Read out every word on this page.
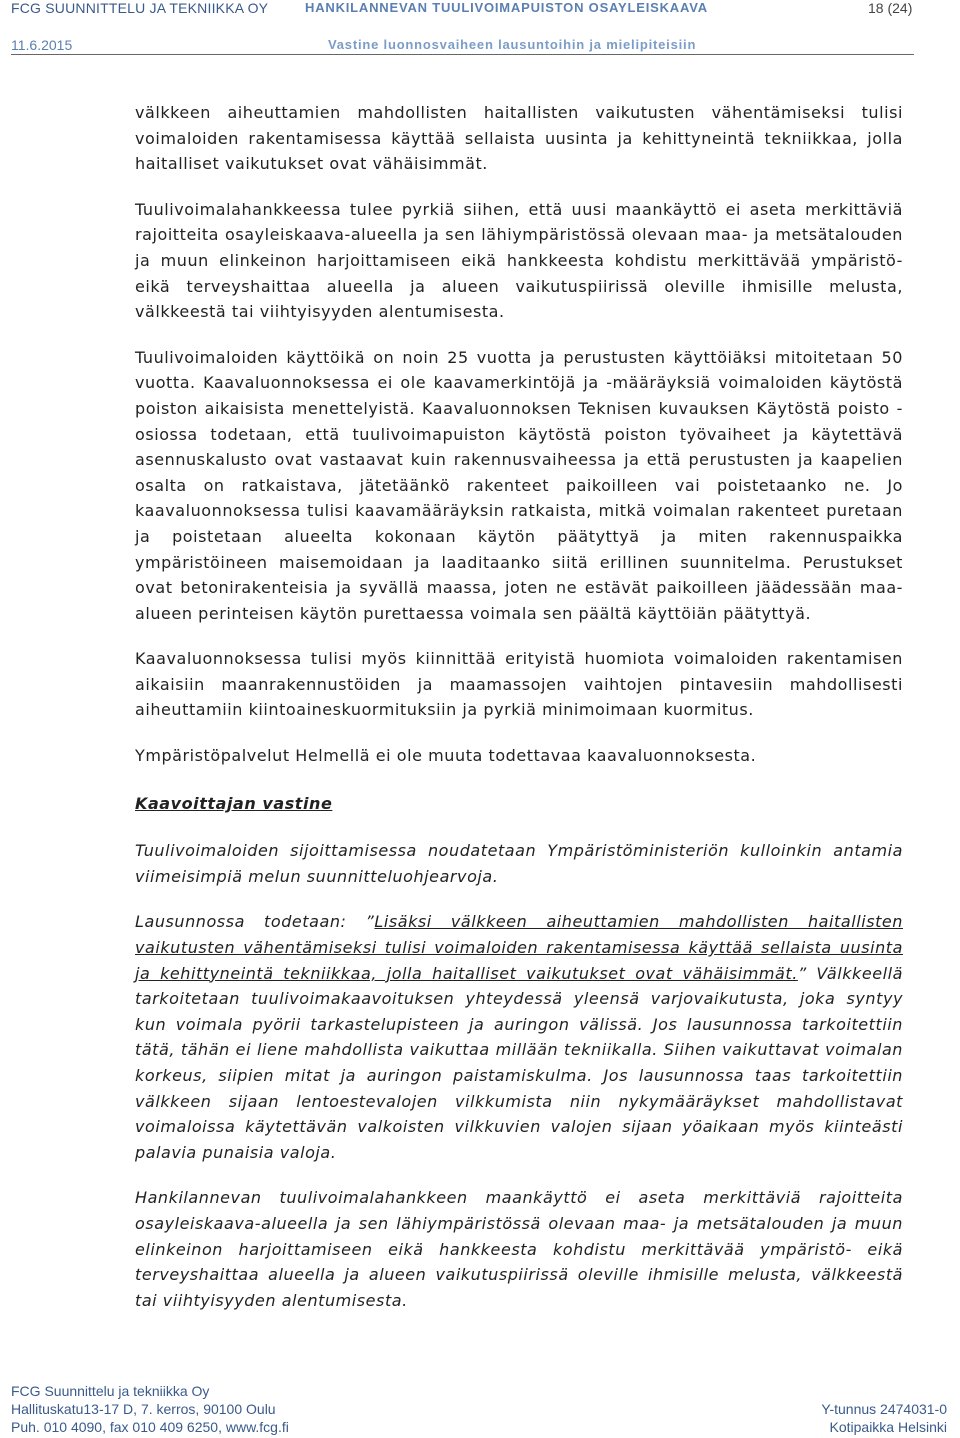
FCG SUUNNITTELU JA TEKNIIKKA OY	HANKILANNEVAN TUULIVOIMAPUISTON OSAYLEISKAAVA	18 (24)
11.6.2015	Vastine luonnosvaiheen lausuntoihin ja mielipiteisiin

välkkeen aiheuttamien mahdollisten haitallisten vaikutusten vähentämiseksi tulisi voimaloiden rakentamisessa käyttää sellaista uusinta ja kehittyneintä tekniikkaa, jolla haitalliset vaikutukset ovat vähäisimmät.

Tuulivoimalahankkeessa tulee pyrkiä siihen, että uusi maankäyttö ei aseta merkittäviä rajoitteita osayleiskaava-alueella ja sen lähiympäristössä olevaan maa- ja metsätalouden ja muun elinkeinon harjoittamiseen eikä hankkeesta kohdistu merkittävää ympäristö- eikä terveyshaittaa alueella ja alueen vaikutuspiirissä oleville ihmisille melusta, välkkeestä tai viihtyisyyden alentumisesta.

Tuulivoimaloiden käyttöikä on noin 25 vuotta ja perustusten käyttöiäksi mitoitetaan 50 vuotta. Kaavaluonnoksessa ei ole kaavamerkintöjä ja -määräyksiä voimaloiden käytöstä poiston aikaisista menettelyistä. Kaavaluonnoksen Teknisen kuvauksen Käytöstä poisto -osiossa todetaan, että tuulivoimapuiston käytöstä poiston työvaiheet ja käytettävä asennuskalusto ovat vastaavat kuin rakennusvaiheessa ja että perustusten ja kaapelien osalta on ratkaistava, jätetäänkö rakenteet paikoilleen vai poistetaanko ne. Jo kaavaluonnoksessa tulisi kaavamääräyksin ratkaista, mitkä voimalan rakenteet puretaan ja poistetaan alueelta kokonaan käytön päätyttyä ja miten rakennuspaikka ympäristöineen maisemoidaan ja laaditaanko siitä erillinen suunnitelma. Perustukset ovat betonirakenteisia ja syvällä maassa, joten ne estävät paikoilleen jäädessään maa-alueen perinteisen käytön purettaessa voimala sen päältä käyttöiän päätyttyä.

Kaavaluonnoksessa tulisi myös kiinnittää erityistä huomiota voimaloiden rakentamisen aikaisiin maanrakennustöiden ja maamassojen vaihtojen pintavesiin mahdollisesti aiheuttamiin kiintoaineskuormituksiin ja pyrkiä minimoimaan kuormitus.

Ympäristöpalvelut Helmellä ei ole muuta todettavaa kaavaluonnoksesta.

Kaavoittajan vastine

Tuulivoimaloiden sijoittamisessa noudatetaan Ympäristöministeriön kulloinkin antamia viimeisimpiä melun suunnitteluohjearvoja.

Lausunnossa todetaan: ”Lisäksi välkkeen aiheuttamien mahdollisten haitallisten vaikutusten vähentämiseksi tulisi voimaloiden rakentamisessa käyttää sellaista uusinta ja kehittyneintä tekniikkaa, jolla haitalliset vaikutukset ovat vähäisimmät.” Välkkeellä tarkoitetaan tuulivoimakaavoituksen yhteydessä yleensä varjovaikutusta, joka syntyy kun voimala pyörii tarkastelupisteen ja auringon välissä. Jos lausunnossa tarkoitettiin tätä, tähän ei liene mahdollista vaikuttaa millään tekniikalla. Siihen vaikuttavat voimalan korkeus, siipien mitat ja auringon paistamiskulma. Jos lausunnossa taas tarkoitettiin välkkeen sijaan lentoestevalojen vilkkumista niin nykymääräykset mahdollistavat voimaloissa käytettävän valkoisten vilkkuvien valojen sijaan yöaikaan myös kiinteästi palavia punaisia valoja.

Hankilannevan tuulivoimalahankkeen maankäyttö ei aseta merkittäviä rajoitteita osayleiskaava-alueella ja sen lähiympäristössä olevaan maa- ja metsätalouden ja muun elinkeinon harjoittamiseen eikä hankkeesta kohdistu merkittävää ympäristö- eikä terveyshaittaa alueella ja alueen vaikutuspiirissä oleville ihmisille melusta, välkkeestä tai viihtyisyyden alentumisesta.

FCG Suunnittelu ja tekniikka Oy
Hallituskatu13-17 D, 7. kerros, 90100 Oulu
Puh. 010 4090, fax 010 409 6250, www.fcg.fi
Y-tunnus 2474031-0
Kotipaikka Helsinki
